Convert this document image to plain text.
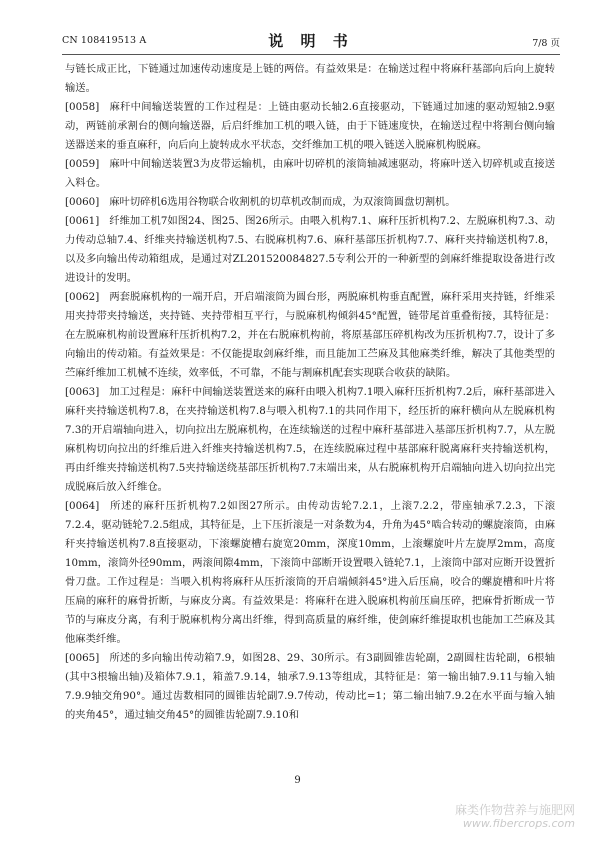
CN 108419513 A	说 明 书	7/8 页

与链长成正比，下链通过加速传动速度是上链的两倍。有益效果是：在输送过程中将麻秆基部向后向上旋转输送。

[0058] 麻秆中间输送装置的工作过程是：上链由驱动长轴2.6直接驱动，下链通过加速的驱动短轴2.9驱动，两链前承割台的侧向输送器，后启纤维加工机的喂入链，由于下链速度快，在输送过程中将割台侧向输送器送来的垂直麻秆，向后向上旋转成水平状态，交纤维加工机的喂入链送入脱麻机构脱麻。

[0059] 麻叶中间输送装置3为皮带运输机，由麻叶切碎机的滚筒轴减速驱动，将麻叶送入切碎机或直接送入料仓。

[0060] 麻叶切碎机6选用谷物联合收割机的切草机改制而成，为双滚筒圆盘切割机。

[0061] 纤维加工机7如图24、图25、图26所示。由喂入机构7.1、麻秆压折机构7.2、左脱麻机构7.3、动力传动总轴7.4、纤维夹持输送机构7.5、右脱麻机构7.6、麻秆基部压折机构7.7、麻秆夹持输送机构7.8，以及多向输出传动箱组成，是通过对ZL201520084827.5专利公开的一种新型的剑麻纤维提取设备进行改进设计的发明。

[0062] 两套脱麻机构的一端开启，开启端滚筒为圆台形，两脱麻机构垂直配置，麻秆采用夹持链，纤维采用夹持带夹持输送，夹持链、夹持带相互平行，与脱麻机构倾斜45°配置，链带尾首重叠衔接，其特征是：在左脱麻机构前设置麻秆压折机构7.2，并在右脱麻机构前，将原基部压碎机构改为压折机构7.7，设计了多向输出的传动箱。有益效果是：不仅能提取剑麻纤维，而且能加工苎麻及其他麻类纤维，解决了其他类型的苎麻纤维加工机械不连续，效率低，不可靠，不能与割麻机配套实现联合收获的缺陷。

[0063] 加工过程是：麻秆中间输送装置送来的麻秆由喂入机构7.1喂入麻秆压折机构7.2后，麻秆基部进入麻秆夹持输送机构7.8，在夹持输送机构7.8与喂入机构7.1的共同作用下，经压折的麻秆横向从左脱麻机构7.3的开启端轴向进入，切向拉出左脱麻机构，在连续输送的过程中麻秆基部进入基部压折机构7.7，从左脱麻机构切向拉出的纤维后进入纤维夹持输送机构7.5，在连续脱麻过程中基部麻秆脱离麻秆夹持输送机构，再由纤维夹持输送机构7.5夹持输送绕基部压折机构7.7末端出来，从右脱麻机构开启端轴向进入切向拉出完成脱麻后放入纤维仓。

[0064] 所述的麻秆压折机构7.2如图27所示。由传动齿轮7.2.1，上滚7.2.2，带座轴承7.2.3，下滚7.2.4，驱动链轮7.2.5组成，其特征是，上下压折滚是一对条数为4，升角为45°啮合转动的螺旋滚筒，由麻秆夹持输送机构7.8直接驱动，下滚螺旋槽右旋宽20mm，深度10mm，上滚螺旋叶片左旋厚2mm，高度10mm，滚筒外径90mm，两滚间隙4mm，下滚筒中部断开设置喂入链轮7.1，上滚筒中部对应断开设置折骨刀盘。工作过程是：当喂入机构将麻秆从压折滚筒的开启端倾斜45°进入后压扁，咬合的螺旋槽和叶片将压扁的麻秆的麻骨折断，与麻皮分离。有益效果是：将麻秆在进入脱麻机构前压扁压碎，把麻骨折断成一节节的与麻皮分离，有利于脱麻机构分离出纤维，得到高质量的麻纤维，使剑麻纤维提取机也能加工苎麻及其他麻类纤维。

[0065] 所述的多向输出传动箱7.9，如图28、29、30所示。有3副圆锥齿轮副，2副圆柱齿轮副，6根轴(其中3根输出轴)及箱体7.9.1，箱盖7.9.14，轴承7.9.13等组成，其特征是：第一输出轴7.9.11与输入轴7.9.9轴交角90°。通过齿数相同的圆锥齿轮副7.9.7传动，传动比=1；第二输出轴7.9.2在水平面与输入轴的夹角45°，通过轴交角45°的圆锥齿轮副7.9.10和

9
麻类作物营养与施肥网
www.fibercrops.com
